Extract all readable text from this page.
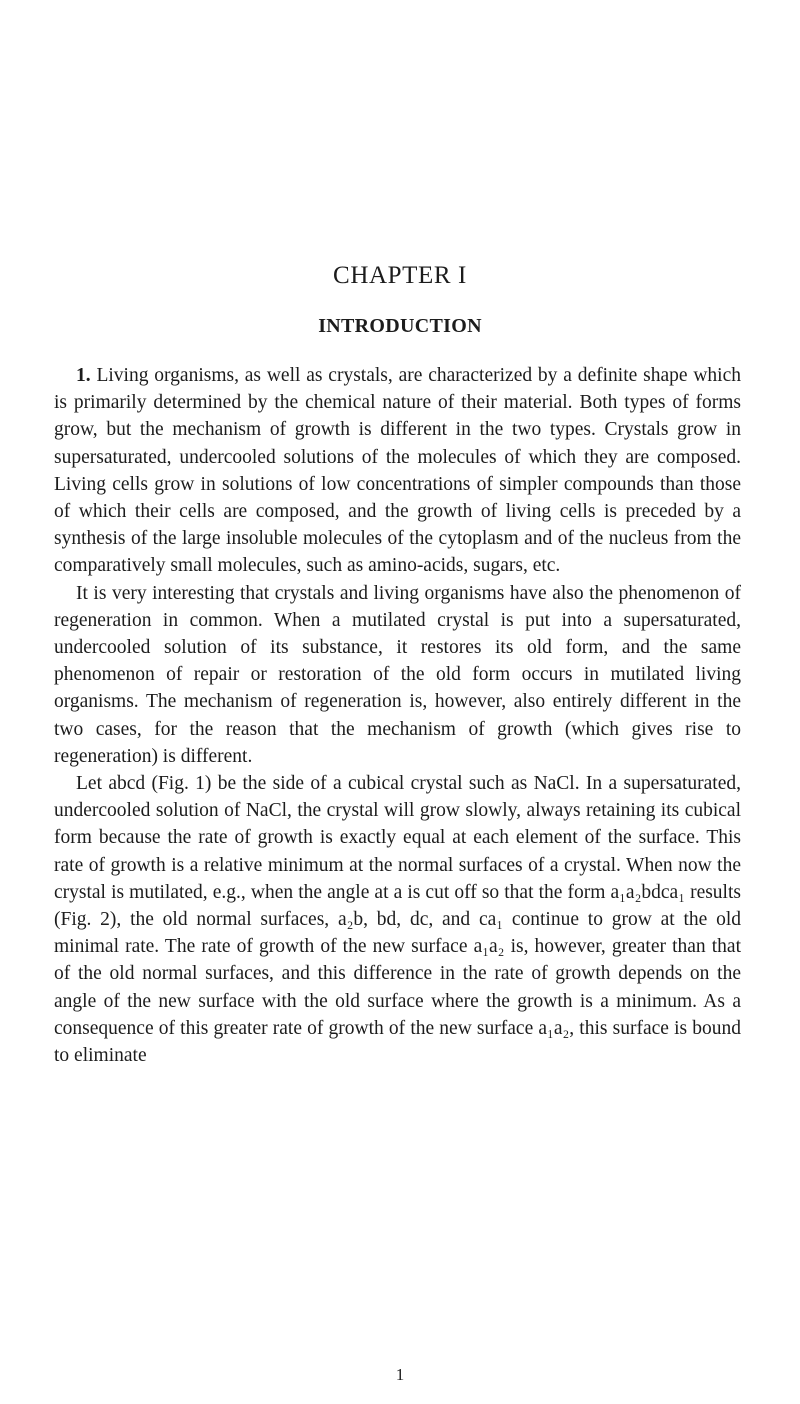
CHAPTER I
INTRODUCTION

1. Living organisms, as well as crystals, are characterized by a definite shape which is primarily determined by the chemical nature of their material. Both types of forms grow, but the mechanism of growth is different in the two types. Crystals grow in supersaturated, undercooled solutions of the molecules of which they are composed. Living cells grow in solutions of low concentrations of simpler compounds than those of which their cells are composed, and the growth of living cells is preceded by a synthesis of the large insoluble molecules of the cytoplasm and of the nucleus from the comparatively small molecules, such as amino-acids, sugars, etc.

It is very interesting that crystals and living organisms have also the phenomenon of regeneration in common. When a mutilated crystal is put into a supersaturated, undercooled solution of its substance, it restores its old form, and the same phenomenon of repair or restoration of the old form occurs in mutilated living organisms. The mechanism of regeneration is, however, also entirely different in the two cases, for the reason that the mechanism of growth (which gives rise to regeneration) is different.

Let abcd (Fig. 1) be the side of a cubical crystal such as NaCl. In a supersaturated, undercooled solution of NaCl, the crystal will grow slowly, always retaining its cubical form because the rate of growth is exactly equal at each element of the surface. This rate of growth is a relative minimum at the normal surfaces of a crystal. When now the crystal is mutilated, e.g., when the angle at a is cut off so that the form a₁a₂bdca₁ results (Fig. 2), the old normal surfaces, a₂b, bd, dc, and ca₁ continue to grow at the old minimal rate. The rate of growth of the new surface a₁a₂ is, however, greater than that of the old normal surfaces, and this difference in the rate of growth depends on the angle of the new surface with the old surface where the growth is a minimum. As a consequence of this greater rate of growth of the new surface a₁a₂, this surface is bound to eliminate

1
